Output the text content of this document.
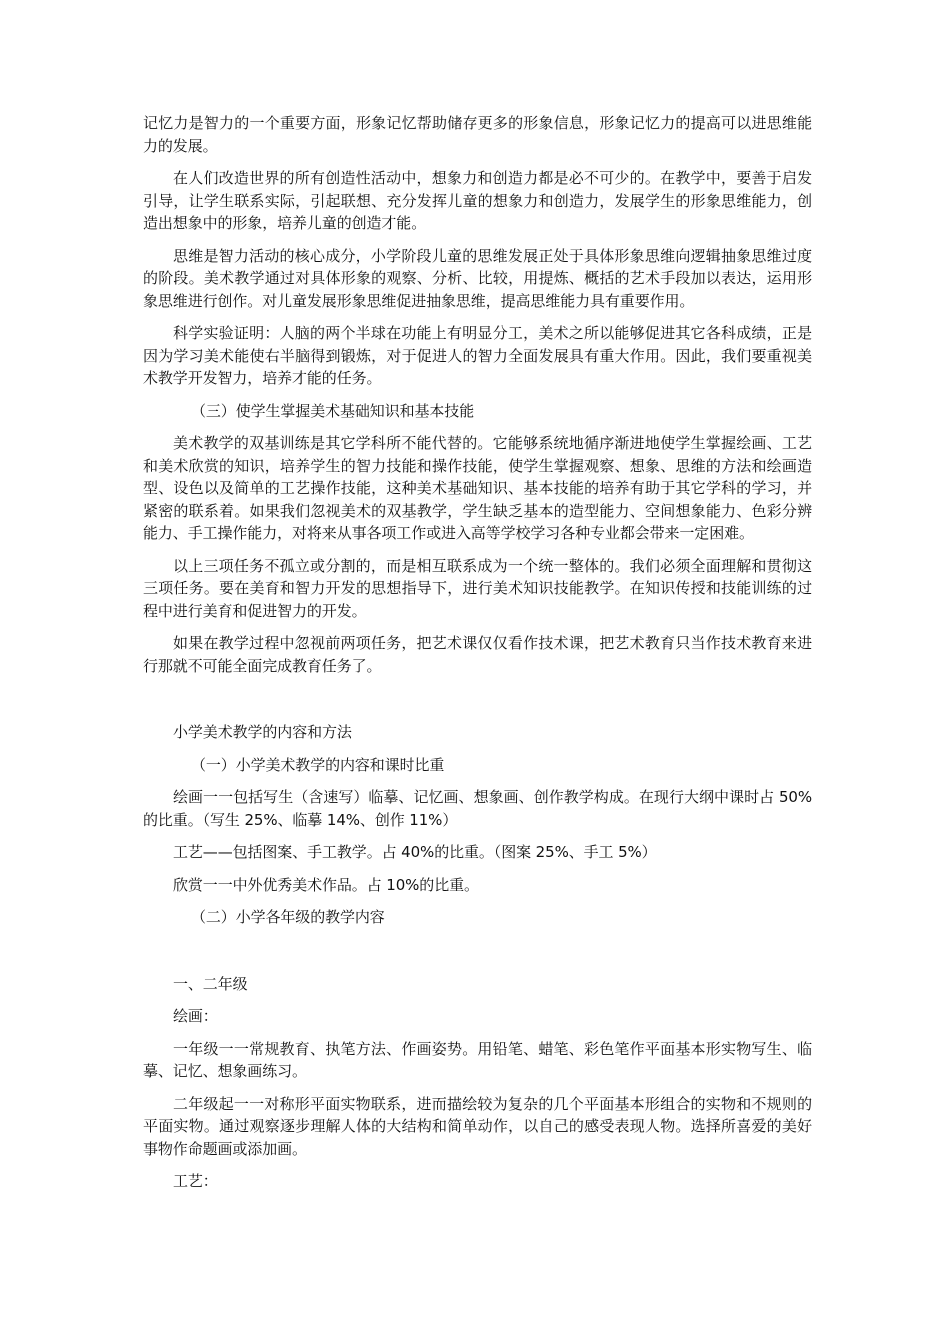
记忆力是智力的一个重要方面，形象记忆帮助储存更多的形象信息，形象记忆力的提高可以进思维能力的发展。

在人们改造世界的所有创造性活动中，想象力和创造力都是必不可少的。在教学中，要善于启发引导，让学生联系实际，引起联想、充分发挥儿童的想象力和创造力，发展学生的形象思维能力，创造出想象中的形象，培养儿童的创造才能。

思维是智力活动的核心成分，小学阶段儿童的思维发展正处于具体形象思维向逻辑抽象思维过度的阶段。美术教学通过对具体形象的观察、分析、比较，用提炼、概括的艺术手段加以表达，运用形象思维进行创作。对儿童发展形象思维促进抽象思维，提高思维能力具有重要作用。

科学实验证明：人脑的两个半球在功能上有明显分工，美术之所以能够促进其它各科成绩，正是因为学习美术能使右半脑得到锻炼，对于促进人的智力全面发展具有重大作用。因此，我们要重视美术教学开发智力，培养才能的任务。

（三）使学生掌握美术基础知识和基本技能

美术教学的双基训练是其它学科所不能代替的。它能够系统地循序渐进地使学生掌握绘画、工艺和美术欣赏的知识，培养学生的智力技能和操作技能，使学生掌握观察、想象、思维的方法和绘画造型、设色以及简单的工艺操作技能，这种美术基础知识、基本技能的培养有助于其它学科的学习，并紧密的联系着。如果我们忽视美术的双基教学，学生缺乏基本的造型能力、空间想象能力、色彩分辨能力、手工操作能力，对将来从事各项工作或进入高等学校学习各种专业都会带来一定困难。

以上三项任务不孤立或分割的，而是相互联系成为一个统一整体的。我们必须全面理解和贯彻这三项任务。要在美育和智力开发的思想指导下，进行美术知识技能教学。在知识传授和技能训练的过程中进行美育和促进智力的开发。

如果在教学过程中忽视前两项任务，把艺术课仅仅看作技术课，把艺术教育只当作技术教育来进行那就不可能全面完成教育任务了。

小学美术教学的内容和方法

（一）小学美术教学的内容和课时比重

绘画一一包括写生（含速写）临摹、记忆画、想象画、创作教学构成。在现行大纲中课时占 50%的比重。（写生 25%、临摹 14%、创作 11%）

工艺——包括图案、手工教学。占 40%的比重。（图案 25%、手工 5%）

欣赏一一中外优秀美术作品。占 10%的比重。

（二）小学各年级的教学内容

一、二年级

绘画：

一年级一一常规教育、执笔方法、作画姿势。用铅笔、蜡笔、彩色笔作平面基本形实物写生、临摹、记忆、想象画练习。

二年级起一一对称形平面实物联系，进而描绘较为复杂的几个平面基本形组合的实物和不规则的平面实物。通过观察逐步理解人体的大结构和简单动作，以自己的感受表现人物。选择所喜爱的美好事物作命题画或添加画。

工艺：
